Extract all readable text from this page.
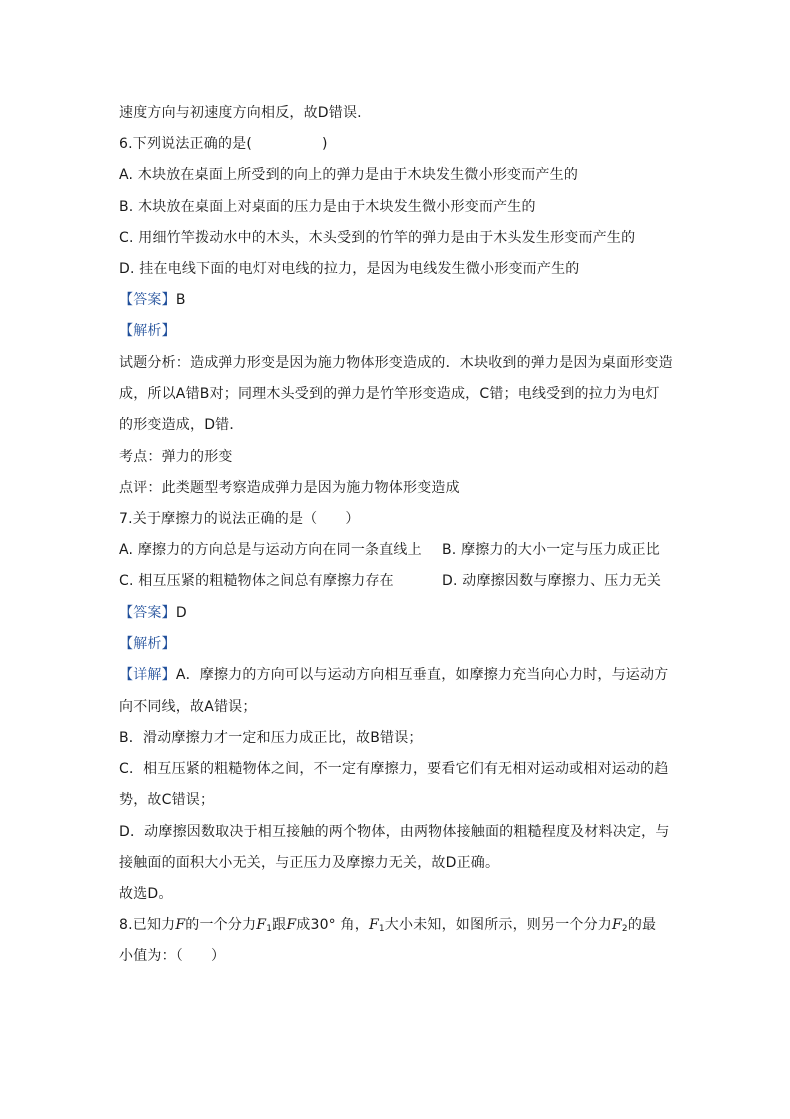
速度方向与初速度方向相反，故D错误.
6.下列说法正确的是(	)
A. 木块放在桌面上所受到的向上的弹力是由于木块发生微小形变而产生的
B. 木块放在桌面上对桌面的压力是由于木块发生微小形变而产生的
C. 用细竹竿拨动水中的木头，木头受到的竹竿的弹力是由于木头发生形变而产生的
D. 挂在电线下面的电灯对电线的拉力，是因为电线发生微小形变而产生的
【答案】B
【解析】
试题分析：造成弹力形变是因为施力物体形变造成的．木块收到的弹力是因为桌面形变造
成，所以A错B对；同理木头受到的弹力是竹竿形变造成，C错；电线受到的拉力为电灯
的形变造成，D错．
考点：弹力的形变
点评：此类题型考察造成弹力是因为施力物体形变造成
7.关于摩擦力的说法正确的是（ ）
A. 摩擦力的方向总是与运动方向在同一条直线上 B. 摩擦力的大小一定与压力成正比
C. 相互压紧的粗糙物体之间总有摩擦力存在	D. 动摩擦因数与摩擦力、压力无关
【答案】D
【解析】
【详解】A．摩擦力的方向可以与运动方向相互垂直，如摩擦力充当向心力时，与运动方
向不同线，故A错误；
B．滑动摩擦力才一定和压力成正比，故B错误；
C．相互压紧的粗糙物体之间，不一定有摩擦力，要看它们有无相对运动或相对运动的趋
势，故C错误；
D．动摩擦因数取决于相互接触的两个物体，由两物体接触面的粗糙程度及材料决定，与
接触面的面积大小无关，与正压力及摩擦力无关，故D正确。
故选D。
8.已知力F的一个分力$F_1$跟F成30° 角，$F_1$大小未知，如图所示，则另一个分力$F_2$的最
小值为：（ ）
